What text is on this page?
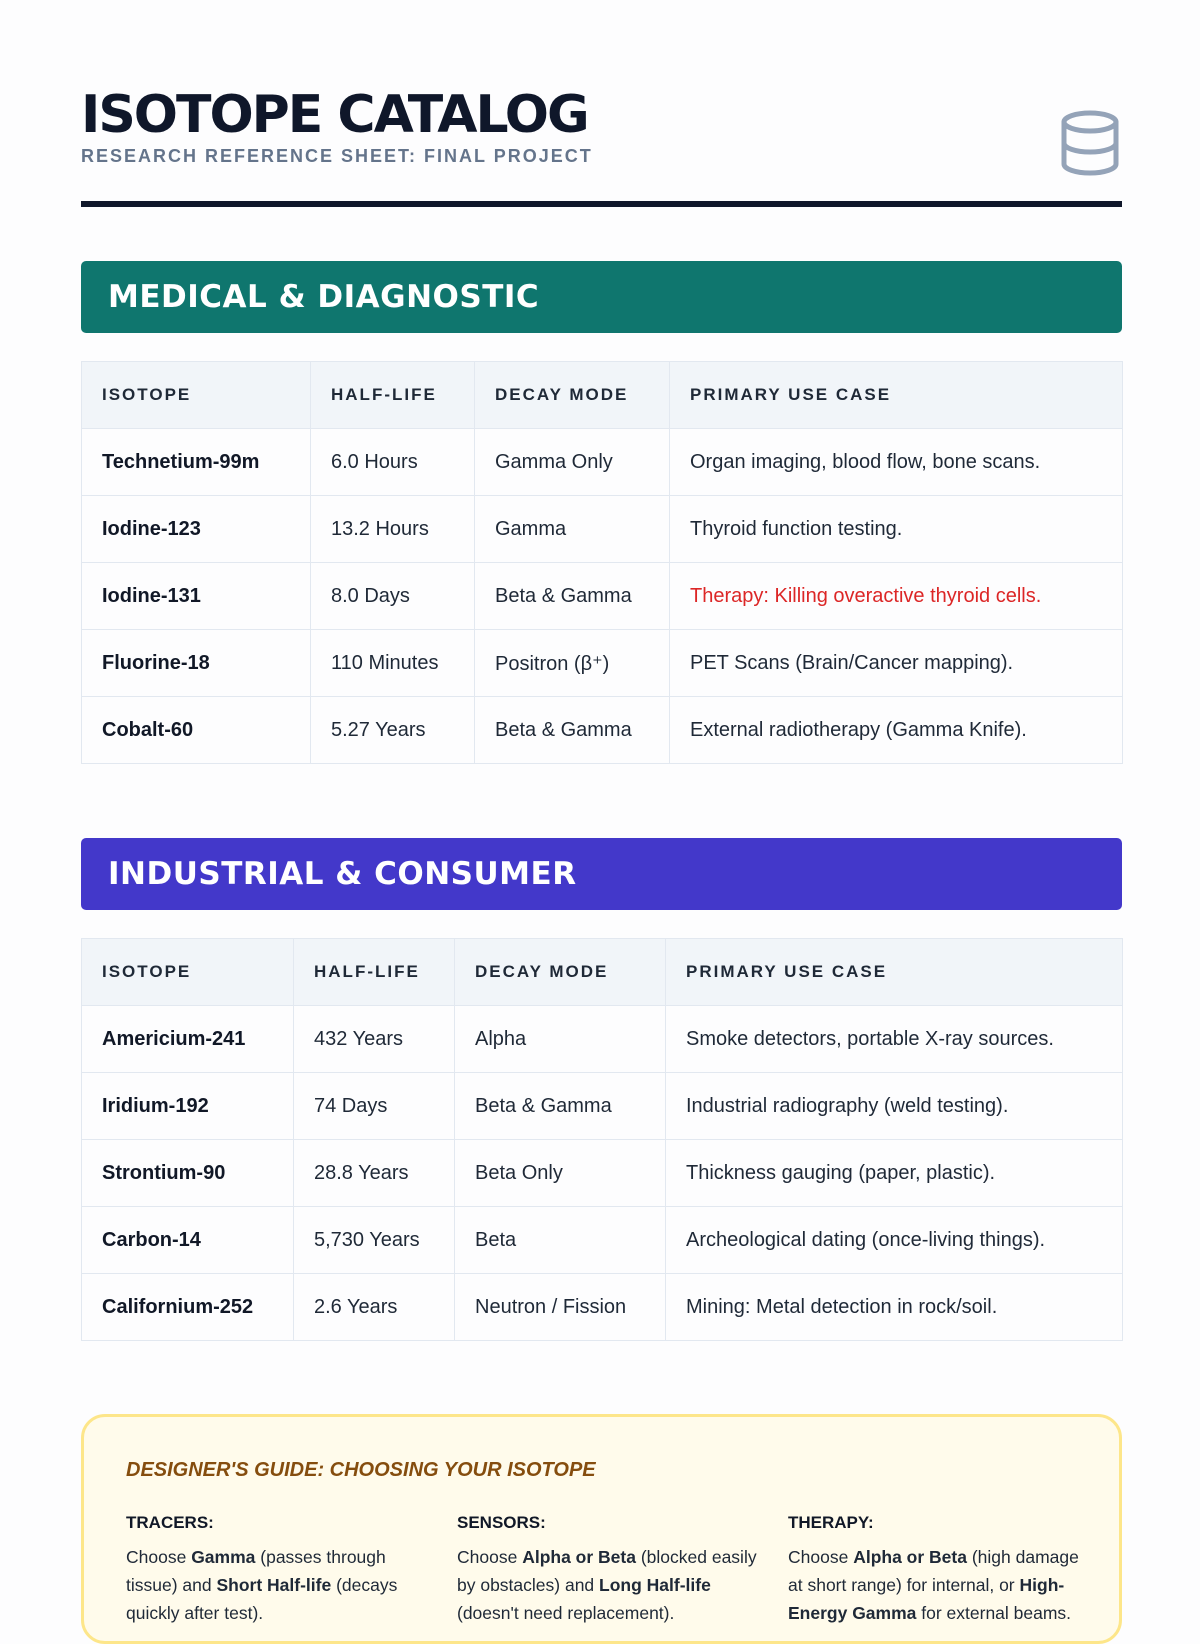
ISOTOPE CATALOG
RESEARCH REFERENCE SHEET: FINAL PROJECT
MEDICAL & DIAGNOSTIC
ISOTOPE	HALF-LIFE	DECAY MODE	PRIMARY USE CASE
Technetium-99m	6.0 Hours	Gamma Only	Organ imaging, blood flow, bone scans.
Iodine-123	13.2 Hours	Gamma	Thyroid function testing.
Iodine-131	8.0 Days	Beta & Gamma	Therapy: Killing overactive thyroid cells.
Fluorine-18	110 Minutes	Positron (β⁺)	PET Scans (Brain/Cancer mapping).
Cobalt-60	5.27 Years	Beta & Gamma	External radiotherapy (Gamma Knife).
INDUSTRIAL & CONSUMER
ISOTOPE	HALF-LIFE	DECAY MODE	PRIMARY USE CASE
Americium-241	432 Years	Alpha	Smoke detectors, portable X-ray sources.
Iridium-192	74 Days	Beta & Gamma	Industrial radiography (weld testing).
Strontium-90	28.8 Years	Beta Only	Thickness gauging (paper, plastic).
Carbon-14	5,730 Years	Beta	Archeological dating (once-living things).
Californium-252	2.6 Years	Neutron / Fission	Mining: Metal detection in rock/soil.
DESIGNER'S GUIDE: CHOOSING YOUR ISOTOPE
TRACERS:
Choose Gamma (passes through tissue) and Short Half-life (decays quickly after test).
SENSORS:
Choose Alpha or Beta (blocked easily by obstacles) and Long Half-life (doesn't need replacement).
THERAPY:
Choose Alpha or Beta (high damage at short range) for internal, or High-Energy Gamma for external beams.
